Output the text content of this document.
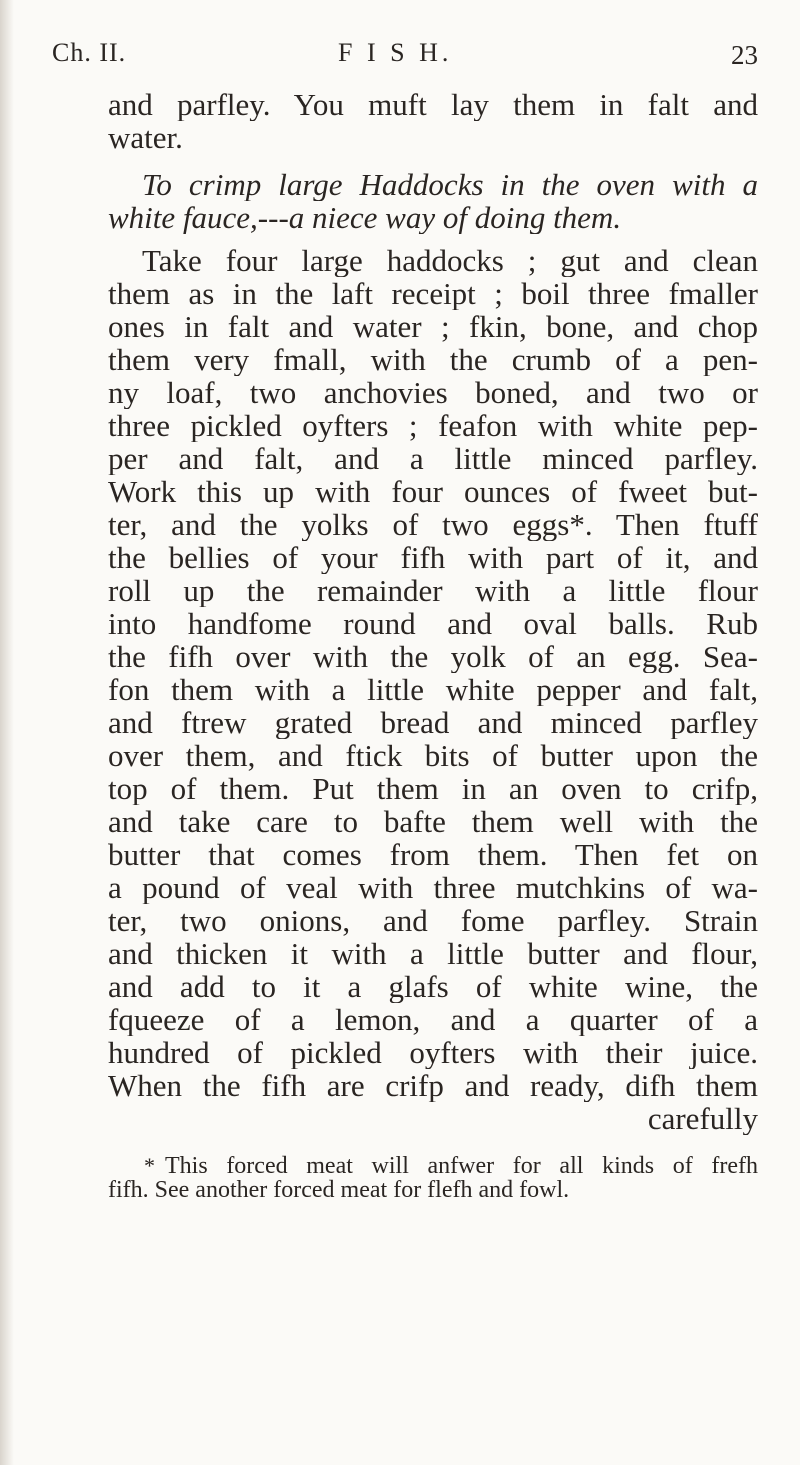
Ch. II.	F I S H.	23
and parfley. You muft lay them in falt and
water.
To crimp large Haddocks in the oven with a
white fauce,---a niece way of doing them.
Take four large haddocks ; gut and clean
them as in the laft receipt ; boil three fmaller
ones in falt and water ; fkin, bone, and chop
them very fmall, with the crumb of a pen-
ny loaf, two anchovies boned, and two or
three pickled oyfters ; feafon with white pep-
per and falt, and a little minced parfley.
Work this up with four ounces of fweet but-
ter, and the yolks of two eggs*. Then ftuff
the bellies of your fifh with part of it, and
roll up the remainder with a little flour
into handfome round and oval balls. Rub
the fifh over with the yolk of an egg. Sea-
fon them with a little white pepper and falt,
and ftrew grated bread and minced parfley
over them, and ftick bits of butter upon the
top of them. Put them in an oven to crifp,
and take care to bafte them well with the
butter that comes from them. Then fet on
a pound of veal with three mutchkins of wa-
ter, two onions, and fome parfley. Strain
and thicken it with a little butter and flour,
and add to it a glafs of white wine, the
fqueeze of a lemon, and a quarter of a
hundred of pickled oyfters with their juice.
When the fifh are crifp and ready, difh them
carefully
* This forced meat will anfwer for all kinds of frefh
fifh. See another forced meat for flefh and fowl.
